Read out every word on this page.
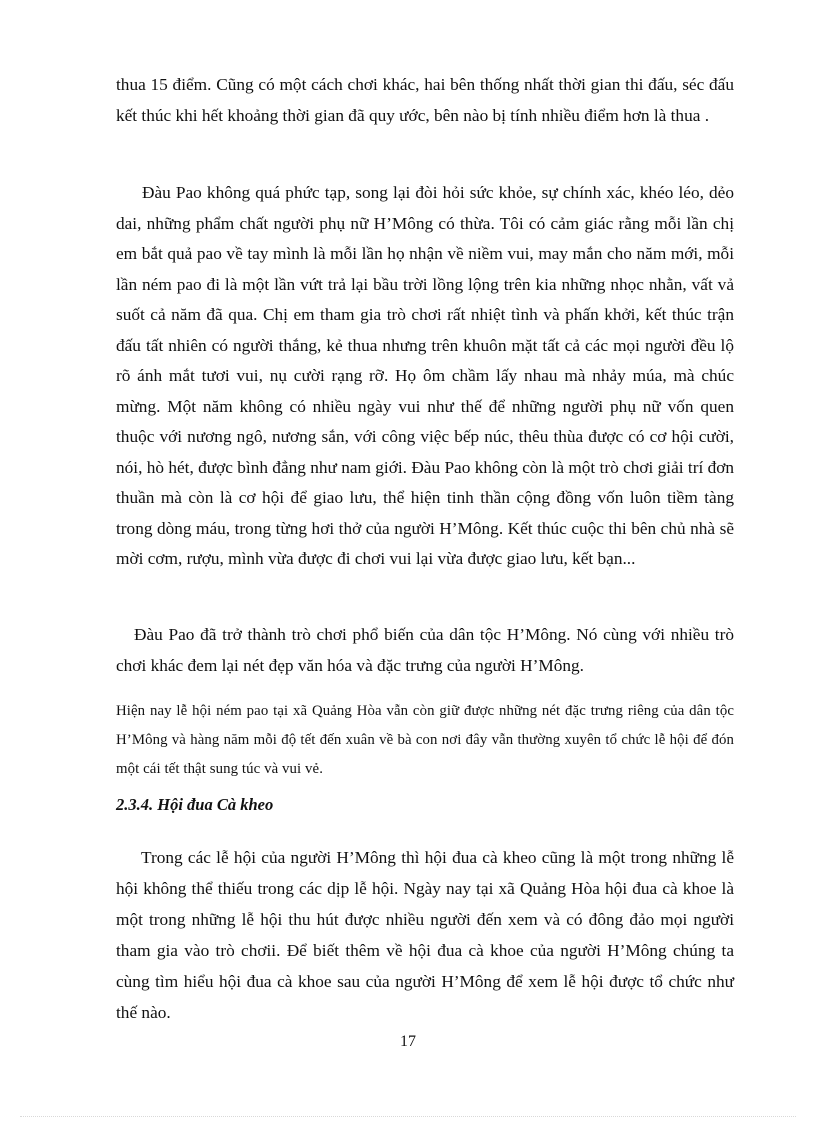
thua 15 điểm. Cũng có một cách chơi khác, hai bên thống nhất thời gian thi đấu, séc đấu kết thúc khi hết khoảng thời gian đã quy ước, bên nào bị tính nhiều điểm hơn là thua .

Đàu Pao không quá phức tạp, song lại đòi hỏi sức khỏe, sự chính xác, khéo léo, dẻo dai, những phẩm chất người phụ nữ H’Mông có thừa. Tôi có cảm giác rằng mỗi lần chị em bắt quả pao về tay mình là mỗi lần họ nhận về niềm vui, may mắn cho năm mới, mỗi lần ném pao đi là một lần vứt trả lại bầu trời lồng lộng trên kia những nhọc nhằn, vất vả suốt cả năm đã qua. Chị em tham gia trò chơi rất nhiệt tình và phấn khởi, kết thúc trận đấu tất nhiên có người thắng, kẻ thua nhưng trên khuôn mặt tất cả các mọi người đều lộ rõ ánh mắt tươi vui, nụ cười rạng rỡ. Họ ôm chầm lấy nhau mà nhảy múa, mà chúc mừng. Một năm không có nhiều ngày vui như thế để những người phụ nữ vốn quen thuộc với nương ngô, nương sắn, với công việc bếp núc, thêu thùa được có cơ hội cười, nói, hò hét, được bình đẳng như nam giới. Đàu Pao không còn là một trò chơi giải trí đơn thuần mà còn là cơ hội để giao lưu, thể hiện tinh thần cộng đồng vốn luôn tiềm tàng trong dòng máu, trong từng hơi thở của người H’Mông. Kết thúc cuộc thi bên chủ nhà sẽ mời cơm, rượu, mình vừa được đi chơi vui lại vừa được giao lưu, kết bạn...

Đàu Pao đã trở thành trò chơi phổ biến của dân tộc H’Mông. Nó cùng với nhiều trò chơi khác đem lại nét đẹp văn hóa và đặc trưng của người H’Mông.

Hiện nay lễ hội ném pao tại xã Quảng Hòa vẫn còn giữ được những nét đặc trưng riêng của dân tộc H’Mông và hàng năm mỗi độ tết đến xuân về bà con nơi đây vẫn thường xuyên tổ chức lễ hội để đón một cái tết thật sung túc và vui vẻ.

2.3.4. Hội đua Cà kheo

Trong các lễ hội của người H’Mông thì hội đua cà kheo cũng là một trong những lễ hội không thể thiếu trong các dịp lễ hội. Ngày nay tại xã Quảng Hòa hội đua cà khoe là một trong những lễ hội thu hút được nhiều người đến xem và có đông đảo mọi người tham gia vào trò chơii. Để biết thêm về hội đua cà khoe của người H’Mông chúng ta cùng tìm hiểu hội đua cà khoe sau của người H’Mông để xem lễ hội được tổ chức như thế nào.

17
